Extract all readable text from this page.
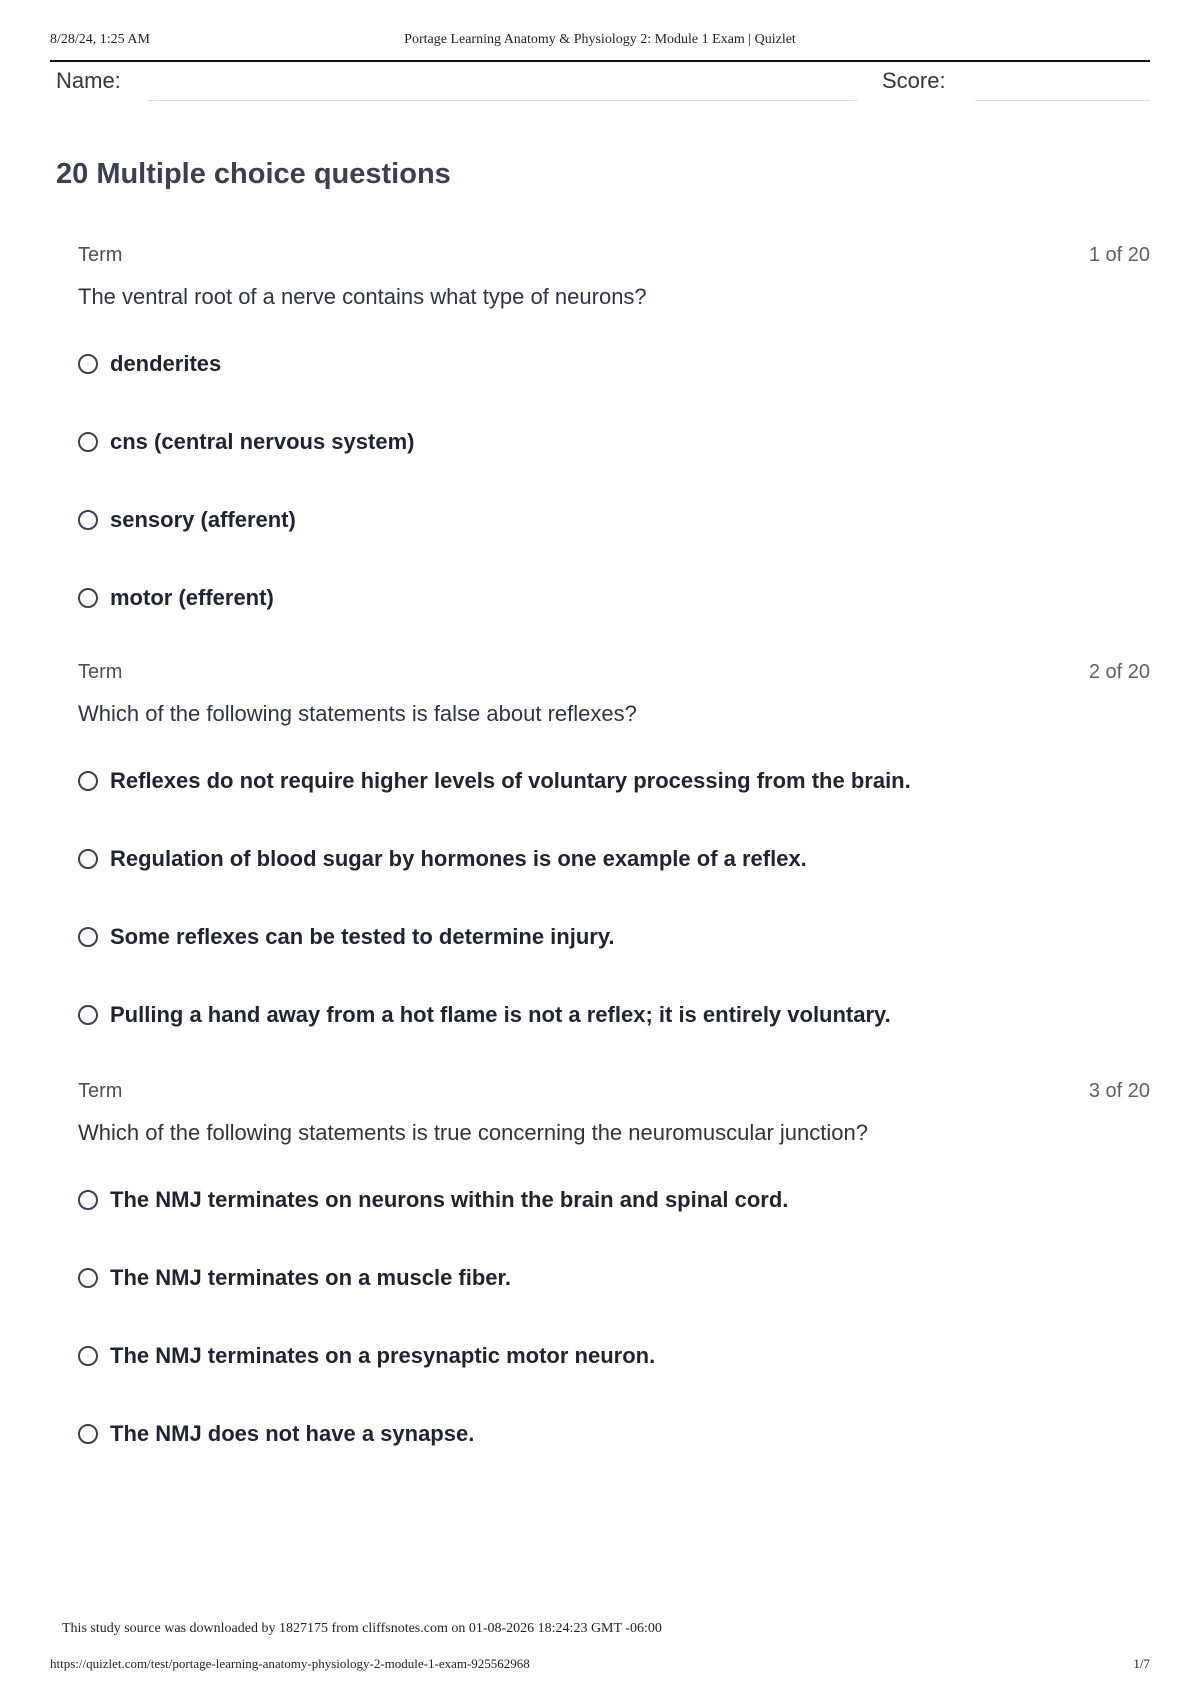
8/28/24, 1:25 AM	Portage Learning Anatomy & Physiology 2: Module 1 Exam | Quizlet
Name:	Score:
20 Multiple choice questions
Term	1 of 20
The ventral root of a nerve contains what type of neurons?
denderites
cns (central nervous system)
sensory (afferent)
motor (efferent)
Term	2 of 20
Which of the following statements is false about reflexes?
Reflexes do not require higher levels of voluntary processing from the brain.
Regulation of blood sugar by hormones is one example of a reflex.
Some reflexes can be tested to determine injury.
Pulling a hand away from a hot flame is not a reflex; it is entirely voluntary.
Term	3 of 20
Which of the following statements is true concerning the neuromuscular junction?
The NMJ terminates on neurons within the brain and spinal cord.
The NMJ terminates on a muscle fiber.
The NMJ terminates on a presynaptic motor neuron.
The NMJ does not have a synapse.
This study source was downloaded by 1827175 from cliffsnotes.com on 01-08-2026 18:24:23 GMT -06:00
https://quizlet.com/test/portage-learning-anatomy-physiology-2-module-1-exam-925562968	1/7
